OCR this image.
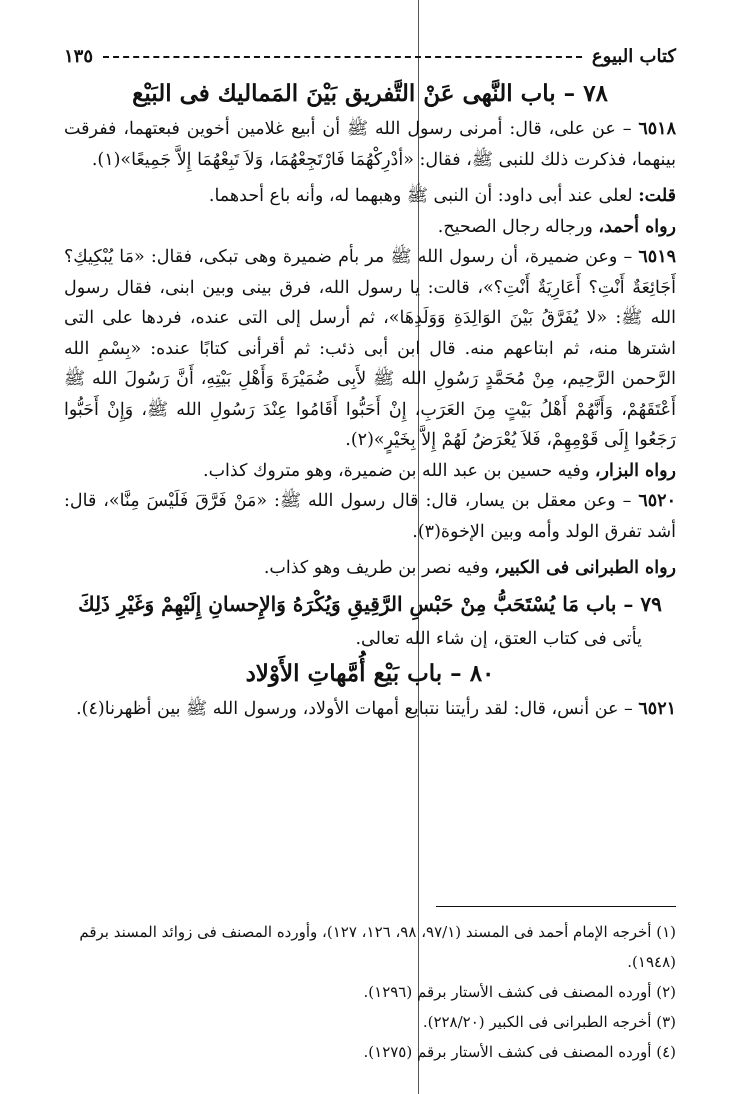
كتاب البيوع
١٣٥
٧٨ – باب النَّهى عَنْ التَّفريق بَيْنَ المَماليك فى البَيْع

٦٥١٨ – عن على، قال: أمرنى رسول الله ﷺ أن أبيع غلامين أخوين فبعتهما، ففرقت بينهما، فذكرت ذلك للنبى ﷺ، فقال: «أدْرِكْهُمَا فَارْتَجِعْهُمَا، وَلاَ تَبِعْهُمَا إِلاَّ جَمِيعًا»(١).

قلت: لعلى عند أبى داود: أن النبى ﷺ وهبهما له، وأنه باع أحدهما.

رواه أحمد، ورجاله رجال الصحيح.

٦٥١٩ – وعن ضميرة، أن رسول الله ﷺ مر بأم ضميرة وهى تبكى، فقال: «مَا يُبْكِيكِ؟ أَجَائِعَةٌ أَنْتِ؟ أَعَارِيَةٌ أَنْتِ؟»، قالت: يا رسول الله، فرق بينى وبين ابنى، فقال رسول الله ﷺ: «لا يُفَرَّقُ بَيْنَ الوَالِدَةِ وَوَلَدِهَا»، ثم أرسل إلى التى عنده، فردها على التى اشترها منه، ثم ابتاعهم منه. قال ابن أبى ذئب: ثم أقرأنى كتابًا عنده: «بِسْمِ الله الرَّحمن الرَّحِيم، مِنْ مُحَمَّدٍ رَسُولِ الله ﷺ لأَبِى ضُمَيْرَةَ وَأَهْلِ بَيْتِهِ، أَنَّ رَسُولَ الله ﷺ أَعْتَقَهُمْ، وَأَنَّهُمْ أَهْلُ بَيْتٍ مِنَ العَرَبِ، إِنْ أَحَبُّوا أَقَامُوا عِنْدَ رَسُولِ الله ﷺ، وَإِنْ أَحَبُّوا رَجَعُوا إِلَى قَوْمِهِمْ، فَلاَ يُعْرَضُ لَهُمْ إِلاَّ بِخَيْرٍ»(٢).

رواه البزار، وفيه حسين بن عبد الله بن ضميرة، وهو متروك كذاب.

٦٥٢٠ – وعن معقل بن يسار، قال: قال رسول الله ﷺ: «مَنْ فَرَّقَ فَلَيْسَ مِنَّا»، قال: أشد تفرق الولد وأمه وبين الإخوة(٣).

رواه الطبرانى فى الكبير، وفيه نصر بن طريف وهو كذاب.

٧٩ – باب مَا يُسْتَحَبُّ مِنْ حَبْسِ الرَّقِيقِ وَيُكْرَهُ وَالإِحسانِ إِلَيْهِمْ وَغَيْرِ ذَلِكَ

يأتى فى كتاب العتق، إن شاء الله تعالى.

٨٠ – باب بَيْع أُمَّهاتِ الأَوْلاد

٦٥٢١ – عن أنس، قال: لقد رأيتنا نتبايع أمهات الأولاد، ورسول الله ﷺ بين أظهرنا(٤).

(١) أخرجه الإمام أحمد فى المسند (٩٧/١، ٩٨، ١٢٦، ١٢٧)، وأورده المصنف فى زوائد المسند برقم (١٩٤٨).

(٢) أورده المصنف فى كشف الأستار برقم (١٢٩٦).

(٣) أخرجه الطبرانى فى الكبير (٢٢٨/٢٠).

(٤) أورده المصنف فى كشف الأستار برقم (١٢٧٥).
